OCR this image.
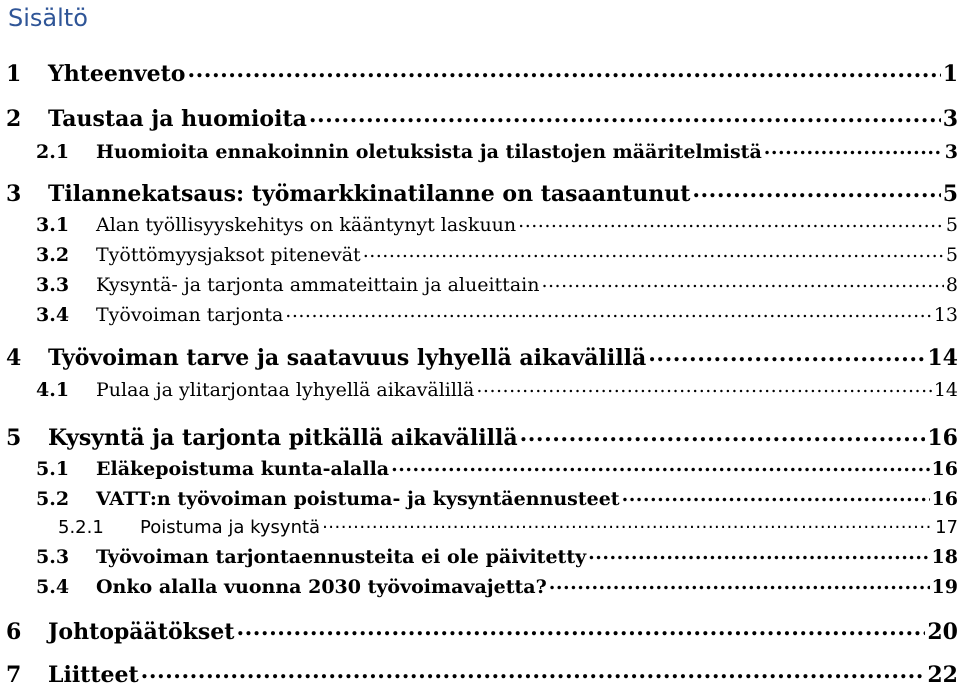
Sisältö
1	Yhteenveto .....	1
2	Taustaa ja huomioita .....	3
2.1	Huomioita ennakoinnin oletuksista ja tilastojen määritelmistä .....	3
3	Tilannekatsaus: työmarkkinatilanne on tasaantunut .....	5
3.1	Alan työllisyyskehitys on kääntynyt laskuun .....	5
3.2	Työttömyysjaksot pitenevät .....	5
3.3	Kysyntä- ja tarjonta ammateittain ja alueittain .....	8
3.4	Työvoiman tarjonta .....	13
4	Työvoiman tarve ja saatavuus lyhyellä aikavälillä .....	14
4.1	Pulaa ja ylitarjontaa lyhyellä aikavälillä .....	14
5	Kysyntä ja tarjonta pitkällä aikavälillä .....	16
5.1	Eläkepoistuma kunta-alalla .....	16
5.2	VATT:n työvoiman poistuma- ja kysyntäennusteet .....	16
5.2.1	Poistuma ja kysyntä .....	17
5.3	Työvoiman tarjontaennusteita ei ole päivitetty .....	18
5.4	Onko alalla vuonna 2030 työvoimavajetta? .....	19
6	Johtopäätökset .....	20
7	Liitteet .....	22
